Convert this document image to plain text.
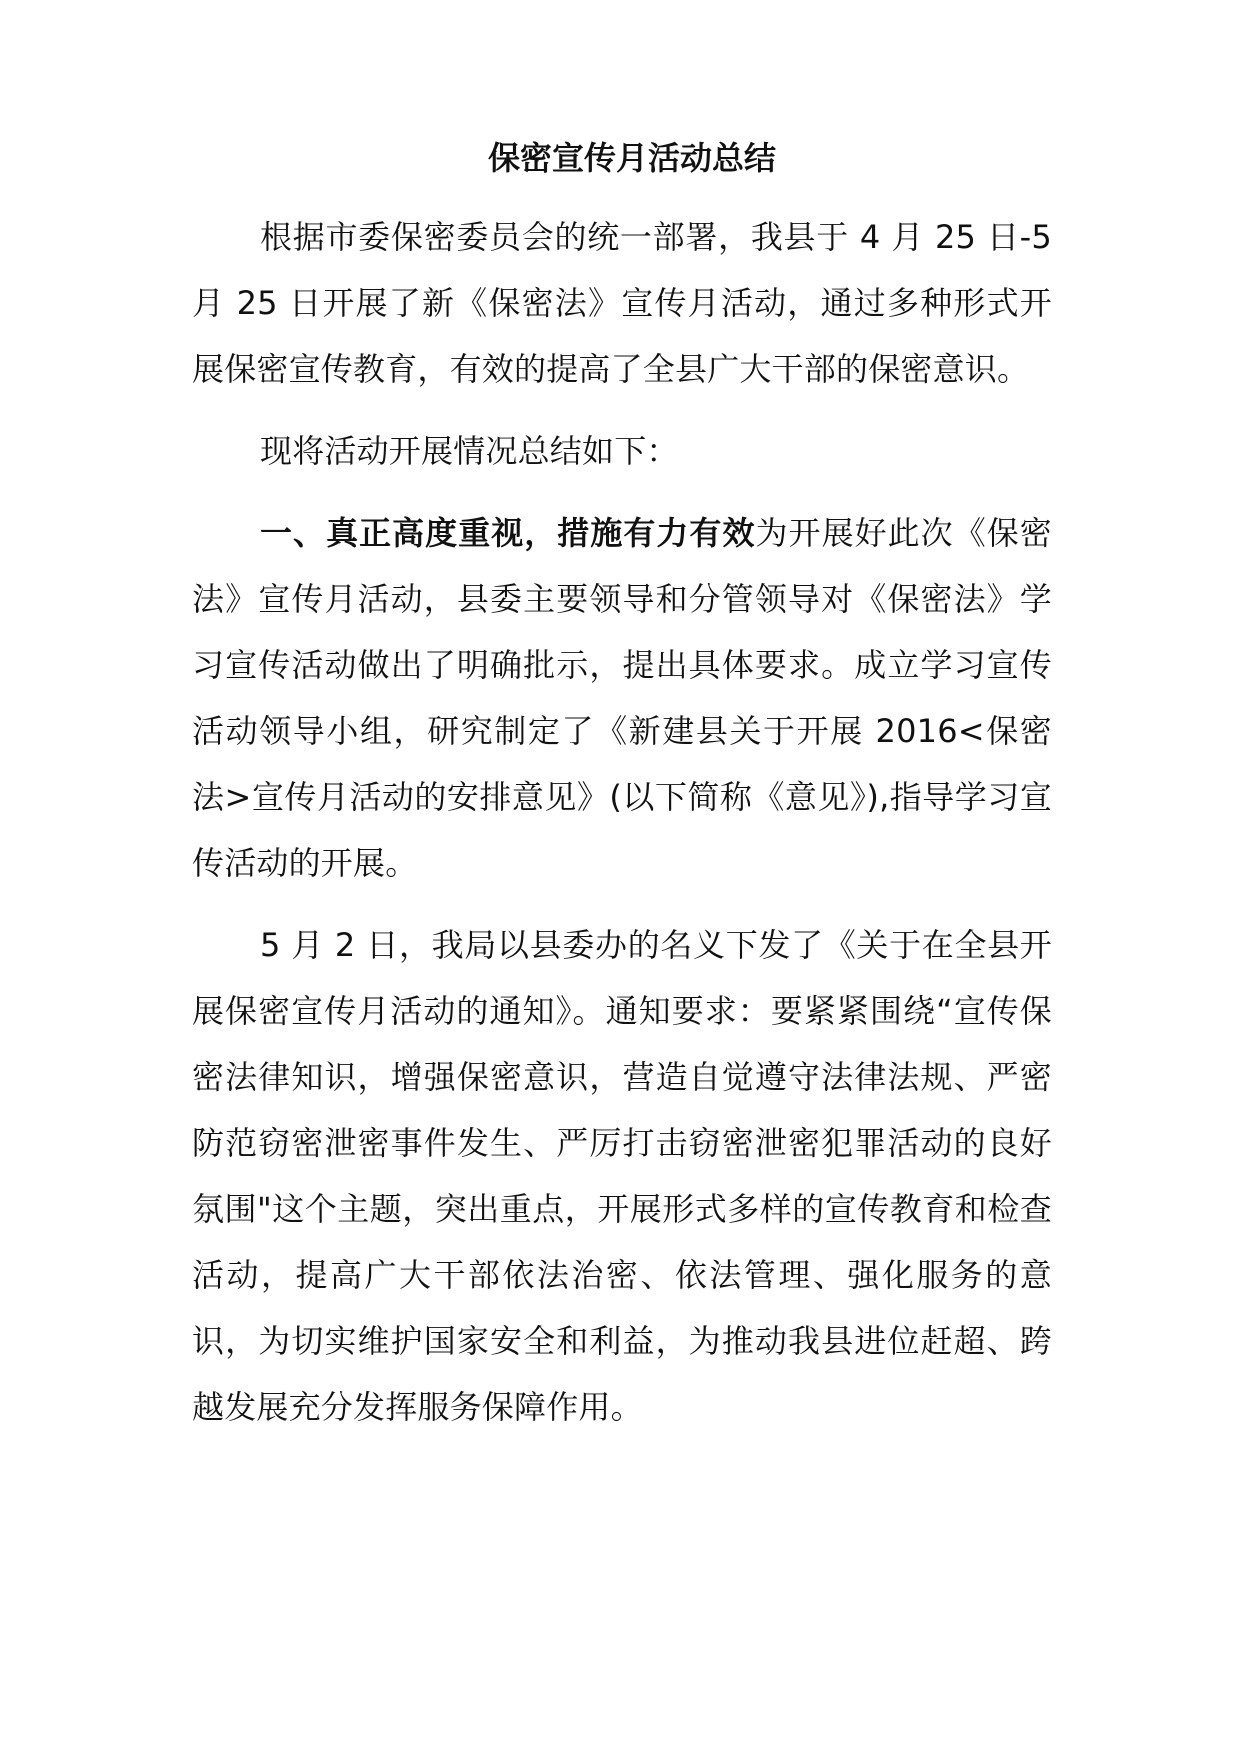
保密宣传月活动总结

根据市委保密委员会的统一部署，我县于 4 月 25 日-5 月 25 日开展了新《保密法》宣传月活动，通过多种形式开展保密宣传教育，有效的提高了全县广大干部的保密意识。

现将活动开展情况总结如下：

一、真正高度重视，措施有力有效为开展好此次《保密法》宣传月活动，县委主要领导和分管领导对《保密法》学习宣传活动做出了明确批示，提出具体要求。成立学习宣传活动领导小组，研究制定了《新建县关于开展 2016<保密法>宣传月活动的安排意见》(以下简称《意见》),指导学习宣传活动的开展。

5 月 2 日，我局以县委办的名义下发了《关于在全县开展保密宣传月活动的通知》。通知要求：要紧紧围绕“宣传保密法律知识，增强保密意识，营造自觉遵守法律法规、严密防范窃密泄密事件发生、严厉打击窃密泄密犯罪活动的良好氛围"这个主题，突出重点，开展形式多样的宣传教育和检查活动，提高广大干部依法治密、依法管理、强化服务的意识，为切实维护国家安全和利益，为推动我县进位赶超、跨越发展充分发挥服务保障作用。
